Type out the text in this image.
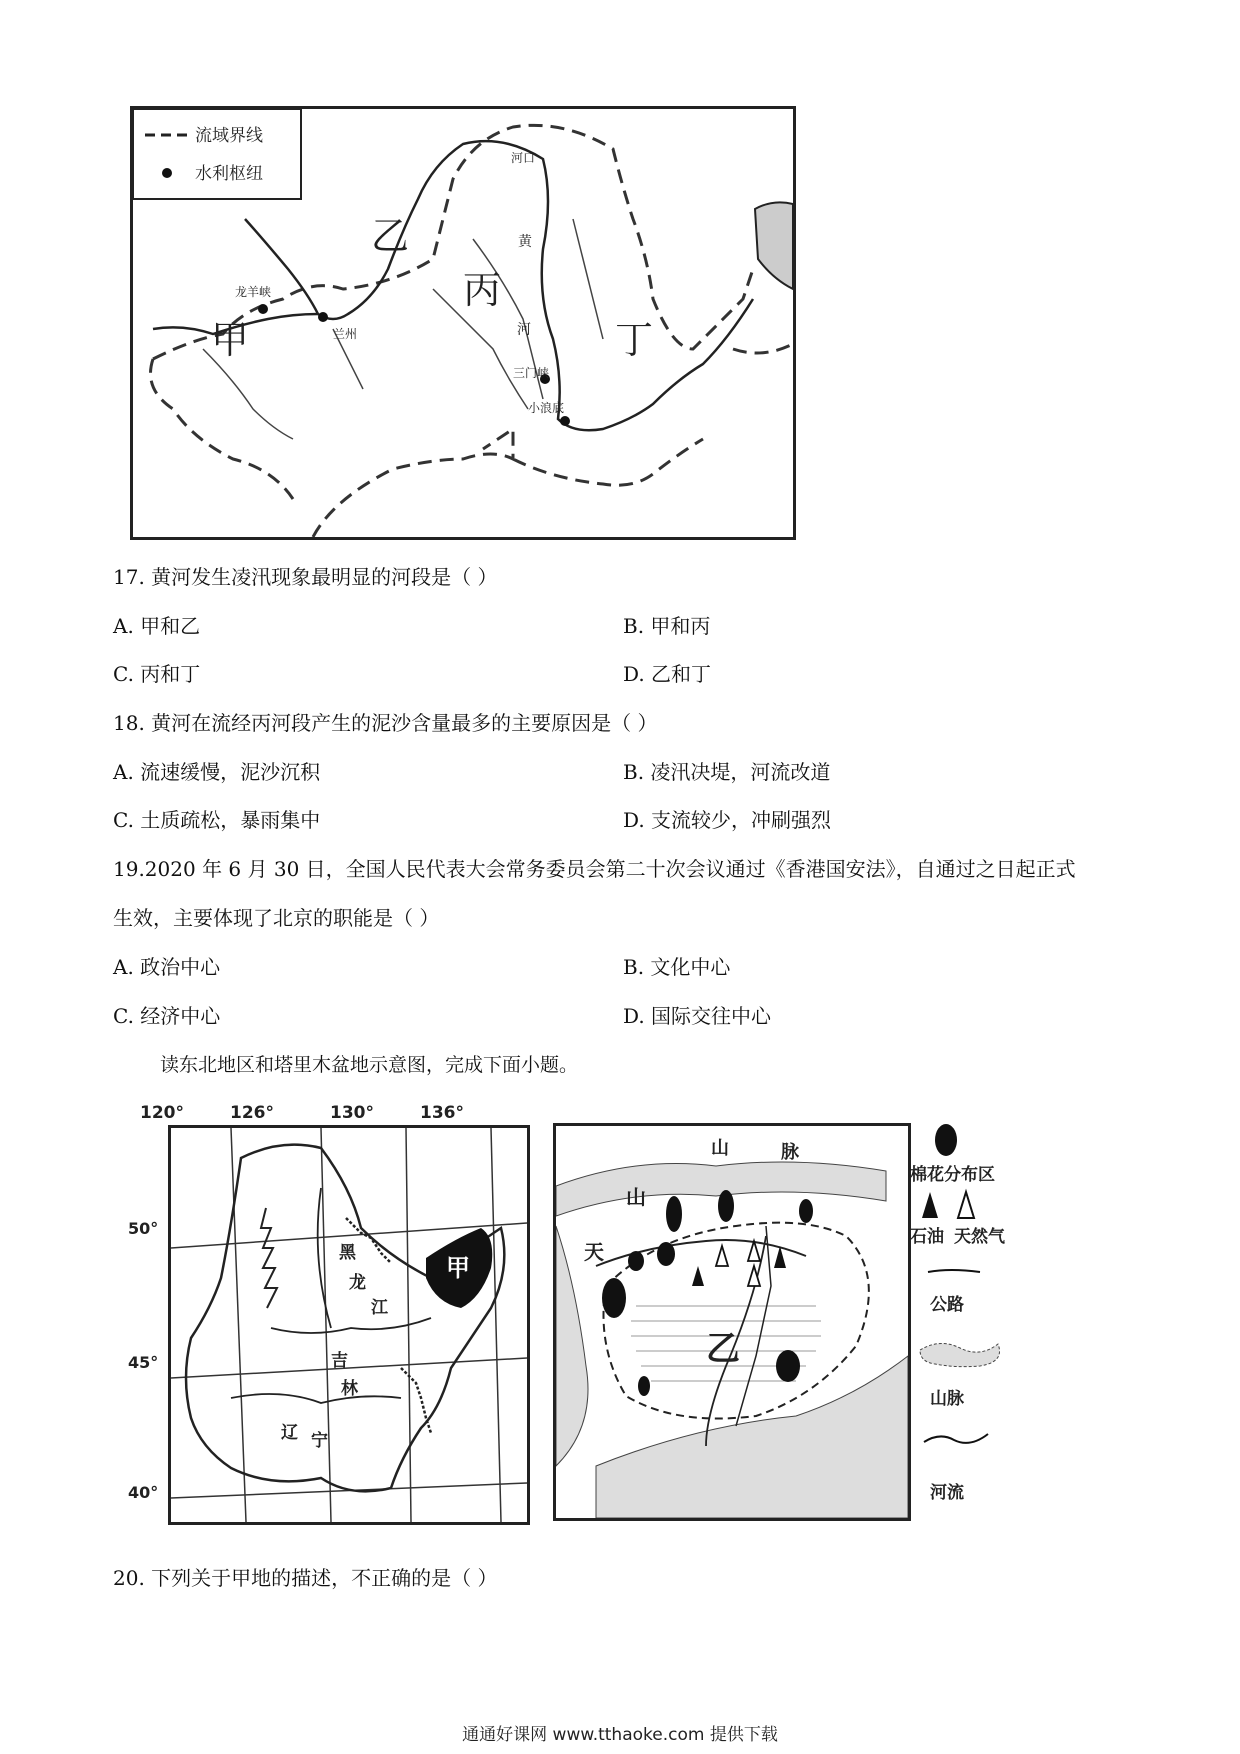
流域界线
水利枢纽
甲
乙
丙
丁
龙羊峡
兰州
河口
黄
河
三门峡
小浪底
17. 黄河发生凌汛现象最明显的河段是（ ）
A. 甲和乙	B. 甲和丙
C. 丙和丁	D. 乙和丁
18. 黄河在流经丙河段产生的泥沙含量最多的主要原因是（ ）
A. 流速缓慢，泥沙沉积	B. 凌汛决堤，河流改道
C. 土质疏松，暴雨集中	D. 支流较少，冲刷强烈
19.2020 年 6 月 30 日，全国人民代表大会常务委员会第二十次会议通过《香港国安法》，自通过之日起正式
生效，主要体现了北京的职能是（ ）
A. 政治中心	B. 文化中心
C. 经济中心	D. 国际交往中心
读东北地区和塔里木盆地示意图，完成下面小题。
120°	126°	130°	136°
50°
45°
40°
甲
黑
龙
江
吉
林
辽 宁
乙
天
山
山	脉
棉花分布区
石油 天然气
公路
山脉
河流
20. 下列关于甲地的描述，不正确的是（ ）
通通好课网 www.tthaoke.com 提供下载
